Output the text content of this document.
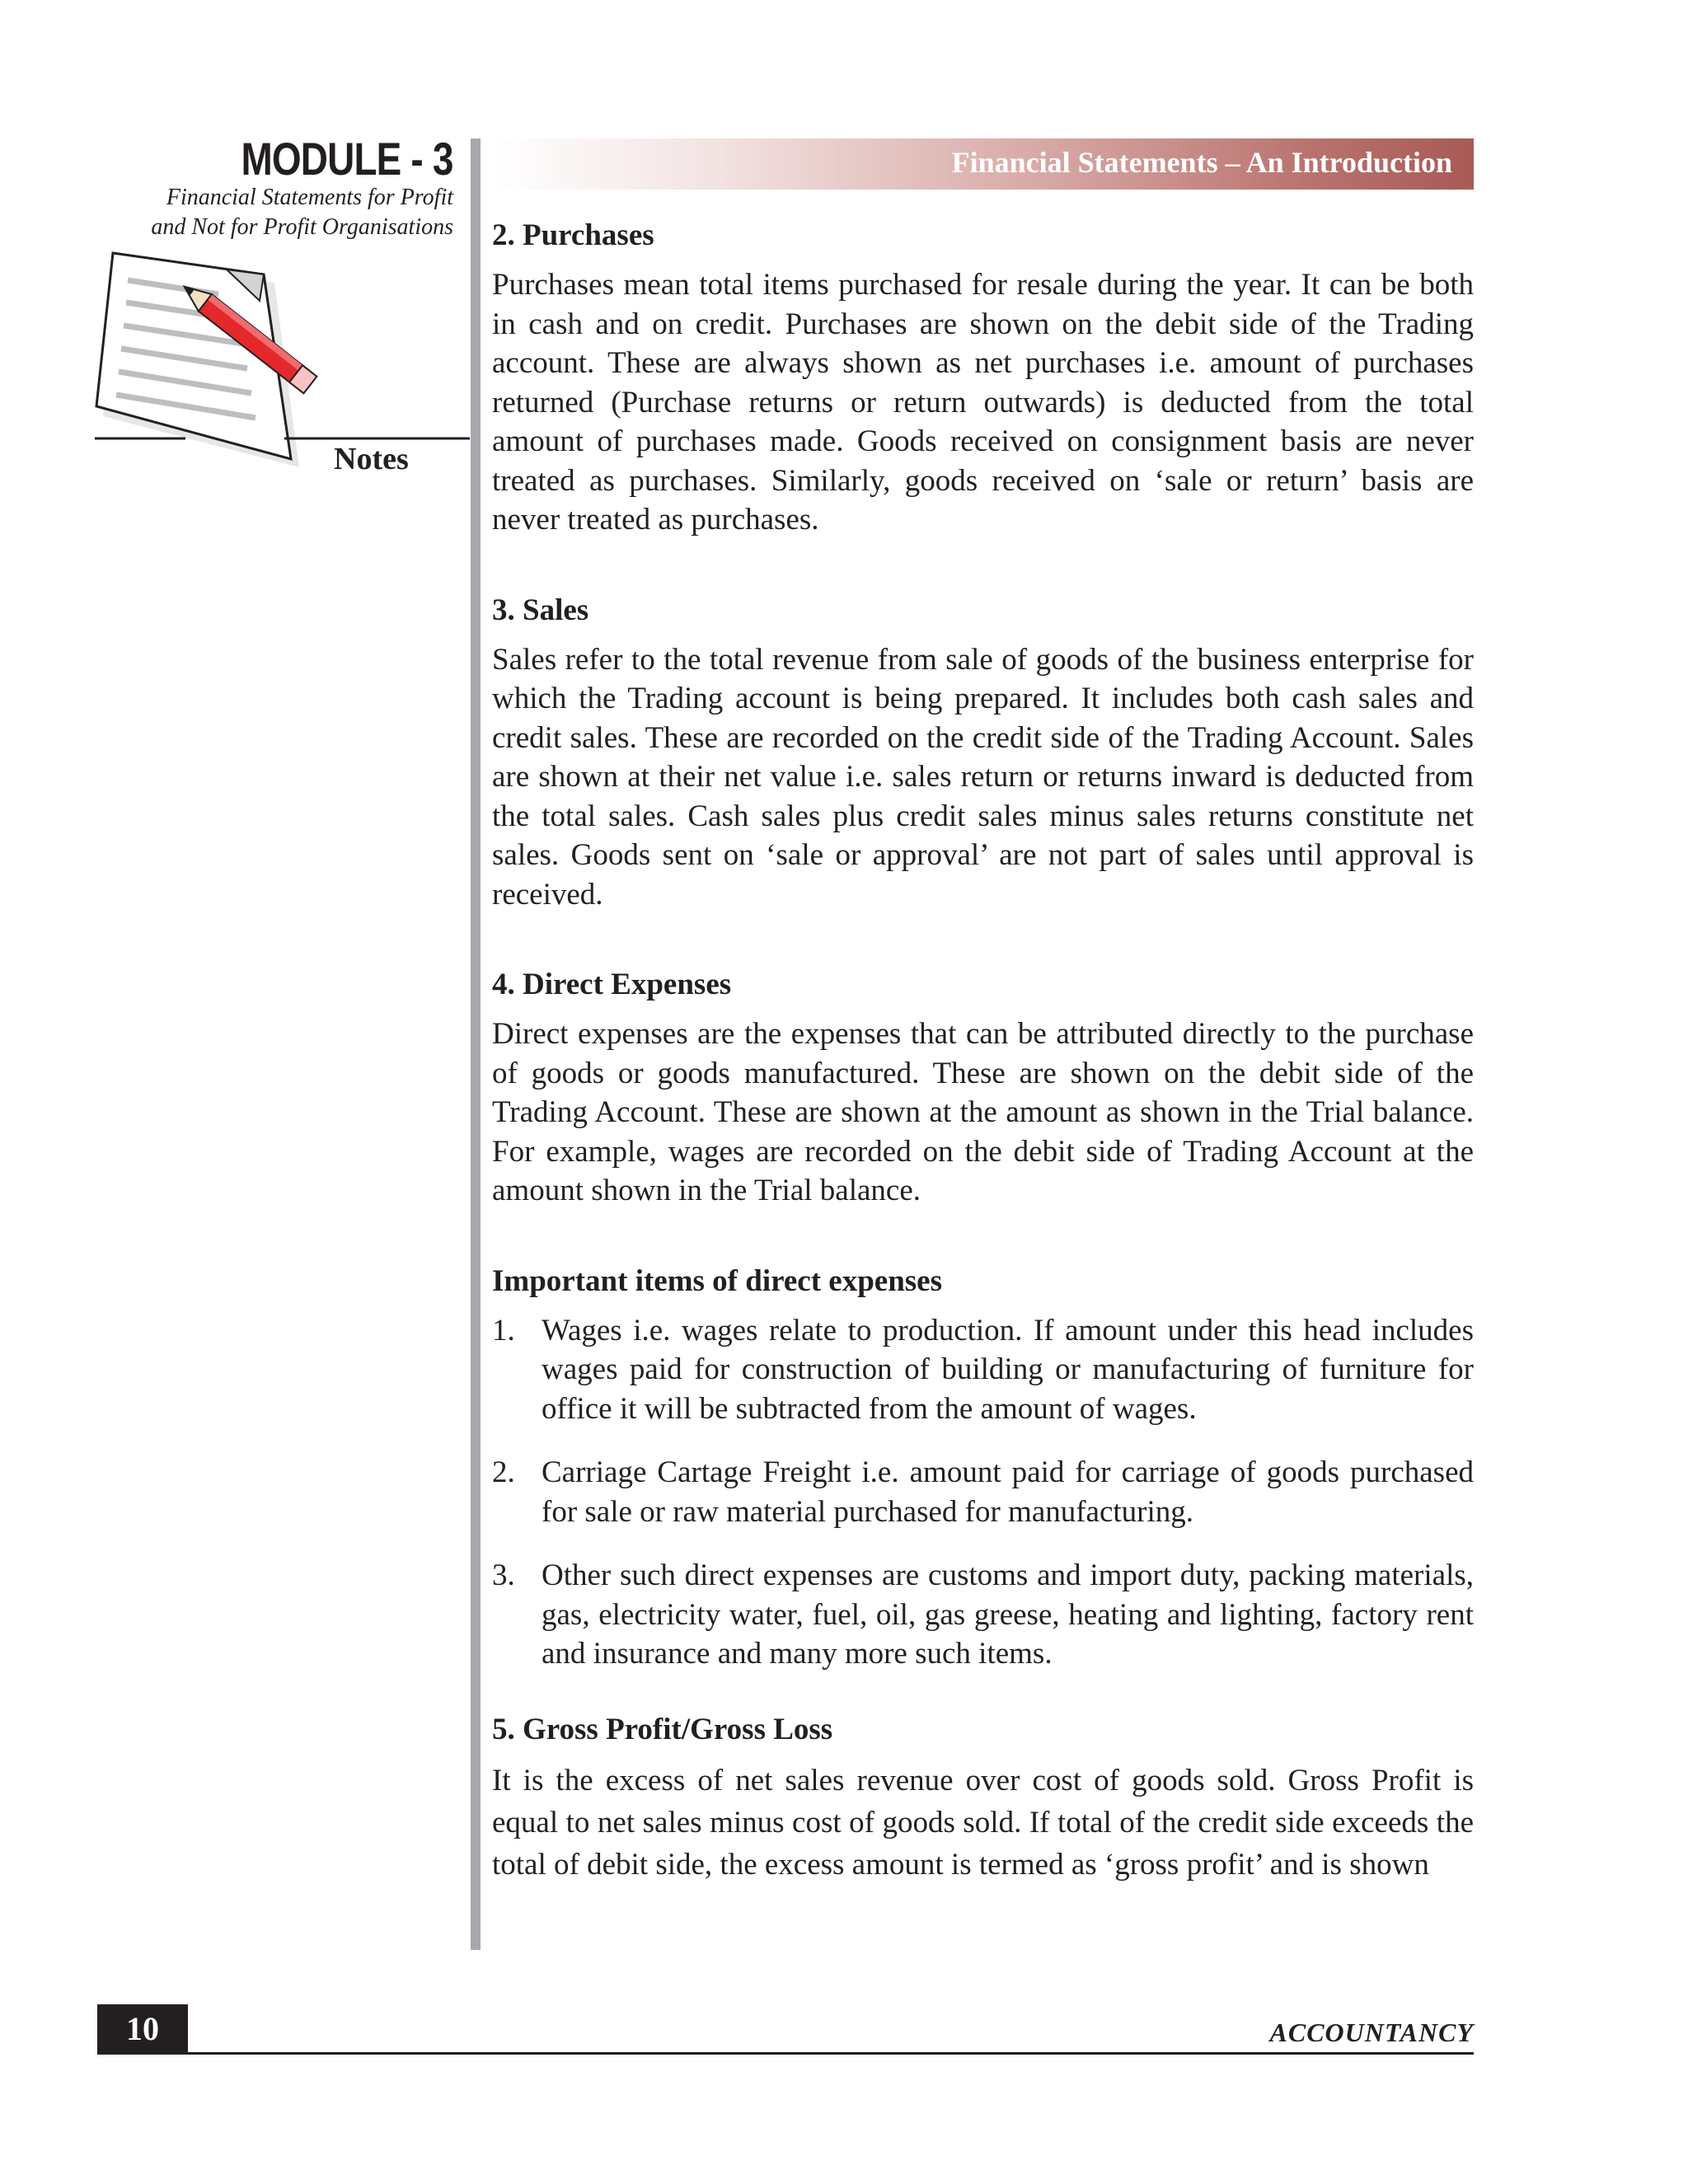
MODULE - 3
Financial Statements for Profit
and Not for Profit Organisations
Notes
Financial Statements – An Introduction
2. Purchases

Purchases mean total items purchased for resale during the year. It can be both in cash and on credit. Purchases are shown on the debit side of the Trading account. These are always shown as net purchases i.e. amount of purchases returned (Purchase returns or return outwards) is deducted from the total amount of purchases made. Goods received on consignment basis are never treated as purchases. Similarly, goods received on ‘sale or return’ basis are never treated as purchases.

3. Sales

Sales refer to the total revenue from sale of goods of the business enterprise for which the Trading account is being prepared. It includes both cash sales and credit sales. These are recorded on the credit side of the Trading Account. Sales are shown at their net value i.e. sales return or returns inward is deducted from the total sales. Cash sales plus credit sales minus sales returns constitute net sales. Goods sent on ‘sale or approval’ are not part of sales until approval is received.

4. Direct Expenses

Direct expenses are the expenses that can be attributed directly to the purchase of goods or goods manufactured. These are shown on the debit side of the Trading Account. These are shown at the amount as shown in the Trial balance. For example, wages are recorded on the debit side of Trading Account at the amount shown in the Trial balance.

Important items of direct expenses
1. Wages i.e. wages relate to production. If amount under this head includes wages paid for construction of building or manufacturing of furniture for office it will be subtracted from the amount of wages.

2. Carriage Cartage Freight i.e. amount paid for carriage of goods purchased for sale or raw material purchased for manufacturing.

3. Other such direct expenses are customs and import duty, packing materials, gas, electricity water, fuel, oil, gas greese, heating and lighting, factory rent and insurance and many more such items.

5. Gross Profit/Gross Loss

It is the excess of net sales revenue over cost of goods sold. Gross Profit is equal to net sales minus cost of goods sold. If total of the credit side exceeds the total of debit side, the excess amount is termed as ‘gross profit’ and is shown

10	ACCOUNTANCY
